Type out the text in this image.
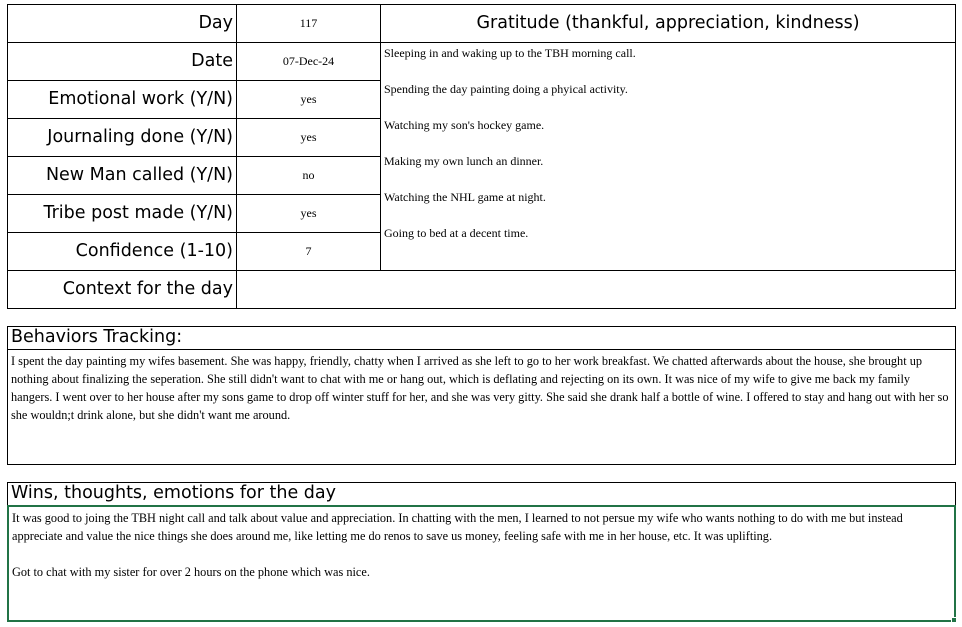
Day	117
Date	07-Dec-24
Emotional work (Y/N)	yes
Journaling done (Y/N)	yes
New Man called (Y/N)	no
Tribe post made (Y/N)	yes
Confidence (1-10)	7
Context for the day
Gratitude (thankful, appreciation, kindness)
Sleeping in and waking up to the TBH morning call.
Spending the day painting doing a phyical activity.
Watching my son's hockey game.
Making my own lunch an dinner.
Watching the NHL game at night.
Going to bed at a decent time.
Behaviors Tracking:
I spent the day painting my wifes basement. She was happy, friendly, chatty when I arrived as she left to go to her work breakfast. We chatted afterwards about the house, she brought up nothing about finalizing the seperation. She still didn't want to chat with me or hang out, which is deflating and rejecting on its own. It was nice of my wife to give me back my family hangers. I went over to her house after my sons game to drop off winter stuff for her, and she was very gitty. She said she drank half a bottle of wine. I offered to stay and hang out with her so she wouldn;t drink alone, but she didn't want me around.
Wins, thoughts, emotions for the day

It was good to joing the TBH night call and talk about value and appreciation. In chatting with the men, I learned to not persue my wife who wants nothing to do with me but instead appreciate and value the nice things she does around me, like letting me do renos to save us money, feeling safe with me in her house, etc. It was uplifting.

Got to chat with my sister for over 2 hours on the phone which was nice.
